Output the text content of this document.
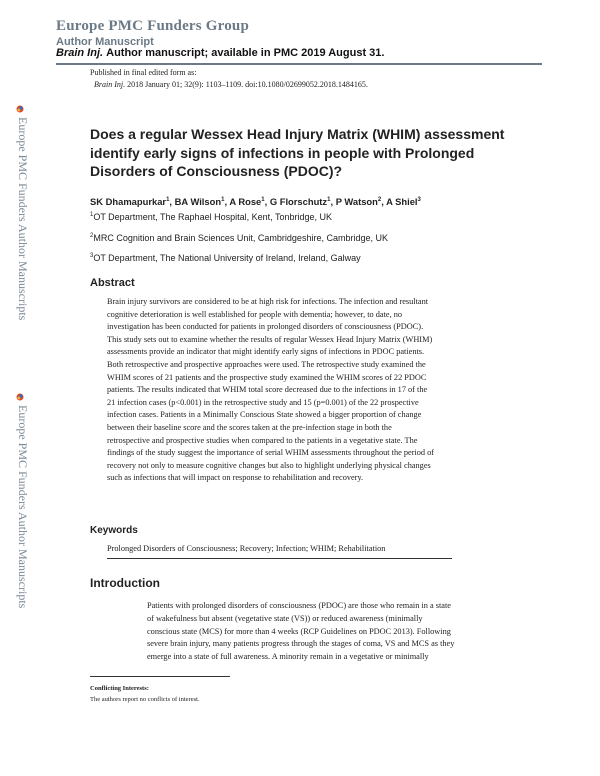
Europe PMC Funders Group
Author Manuscript
Brain Inj. Author manuscript; available in PMC 2019 August 31.
Published in final edited form as:
Brain Inj. 2018 January 01; 32(9): 1103–1109. doi:10.1080/02699052.2018.1484165.
Europe PMC Funders Author Manuscripts
Europe PMC Funders Author Manuscripts
Does a regular Wessex Head Injury Matrix (WHIM) assessment identify early signs of infections in people with Prolonged Disorders of Consciousness (PDOC)?
SK Dhamapurkar$^1$, BA Wilson$^1$, A Rose$^1$, G Florschutz$^1$, P Watson$^2$, A Shiel$^3$
$^1$OT Department, The Raphael Hospital, Kent, Tonbridge, UK
$^2$MRC Cognition and Brain Sciences Unit, Cambridgeshire, Cambridge, UK
$^3$OT Department, The National University of Ireland, Ireland, Galway
Abstract
Brain injury survivors are considered to be at high risk for infections. The infection and resultant
cognitive deterioration is well established for people with dementia; however, to date, no
investigation has been conducted for patients in prolonged disorders of consciousness (PDOC).
This study sets out to examine whether the results of regular Wessex Head Injury Matrix (WHIM)
assessments provide an indicator that might identify early signs of infections in PDOC patients.
Both retrospective and prospective approaches were used. The retrospective study examined the
WHIM scores of 21 patients and the prospective study examined the WHIM scores of 22 PDOC
patients. The results indicated that WHIM total score decreased due to the infections in 17 of the
21 infection cases (p<0.001) in the retrospective study and 15 (p=0.001) of the 22 prospective
infection cases. Patients in a Minimally Conscious State showed a bigger proportion of change
between their baseline score and the scores taken at the pre-infection stage in both the
retrospective and prospective studies when compared to the patients in a vegetative state. The
findings of the study suggest the importance of serial WHIM assessments throughout the period of
recovery not only to measure cognitive changes but also to highlight underlying physical changes
such as infections that will impact on response to rehabilitation and recovery.
Keywords
Prolonged Disorders of Consciousness; Recovery; Infection; WHIM; Rehabilitation
Introduction
Patients with prolonged disorders of consciousness (PDOC) are those who remain in a state
of wakefulness but absent (vegetative state (VS)) or reduced awareness (minimally
conscious state (MCS) for more than 4 weeks (RCP Guidelines on PDOC 2013). Following
severe brain injury, many patients progress through the stages of coma, VS and MCS as they
emerge into a state of full awareness. A minority remain in a vegetative or minimally
Conflicting Interests:
The authors report no conflicts of interest.
